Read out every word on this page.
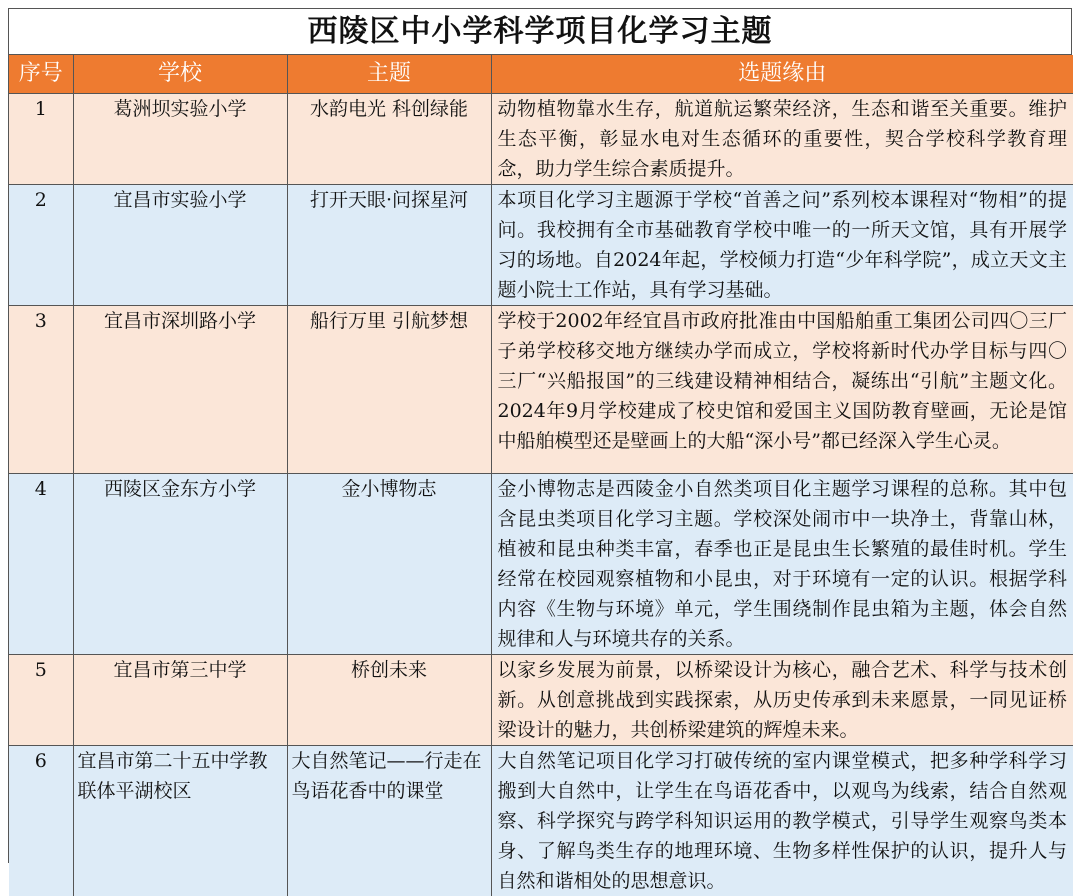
西陵区中小学科学项目化学习主题
序号	学校	主题	选题缘由
1	葛洲坝实验小学	水韵电光 科创绿能	动物植物靠水生存，航道航运繁荣经济，生态和谐至关重要。维护生态平衡，彰显水电对生态循环的重要性，契合学校科学教育理念，助力学生综合素质提升。
2	宜昌市实验小学	打开天眼·问探星河	本项目化学习主题源于学校“首善之问”系列校本课程对“物相”的提问。我校拥有全市基础教育学校中唯一的一所天文馆，具有开展学习的场地。自2024年起，学校倾力打造“少年科学院”，成立天文主题小院士工作站，具有学习基础。
3	宜昌市深圳路小学	船行万里 引航梦想	学校于2002年经宜昌市政府批准由中国船舶重工集团公司四〇三厂子弟学校移交地方继续办学而成立，学校将新时代办学目标与四〇三厂“兴船报国”的三线建设精神相结合，凝练出“引航”主题文化。2024年9月学校建成了校史馆和爱国主义国防教育壁画，无论是馆中船舶模型还是壁画上的大船“深小号”都已经深入学生心灵。
4	西陵区金东方小学	金小博物志	金小博物志是西陵金小自然类项目化主题学习课程的总称。其中包含昆虫类项目化学习主题。学校深处闹市中一块净土，背靠山林，植被和昆虫种类丰富，春季也正是昆虫生长繁殖的最佳时机。学生经常在校园观察植物和小昆虫，对于环境有一定的认识。根据学科内容《生物与环境》单元，学生围绕制作昆虫箱为主题，体会自然规律和人与环境共存的关系。
5	宜昌市第三中学	桥创未来	以家乡发展为前景，以桥梁设计为核心，融合艺术、科学与技术创新。从创意挑战到实践探索，从历史传承到未来愿景，一同见证桥梁设计的魅力，共创桥梁建筑的辉煌未来。
6	宜昌市第二十五中学教联体平湖校区	大自然笔记——行走在鸟语花香中的课堂	大自然笔记项目化学习打破传统的室内课堂模式，把多种学科学习搬到大自然中，让学生在鸟语花香中，以观鸟为线索，结合自然观察、科学探究与跨学科知识运用的教学模式，引导学生观察鸟类本身、了解鸟类生存的地理环境、生物多样性保护的认识，提升人与自然和谐相处的思想意识。
